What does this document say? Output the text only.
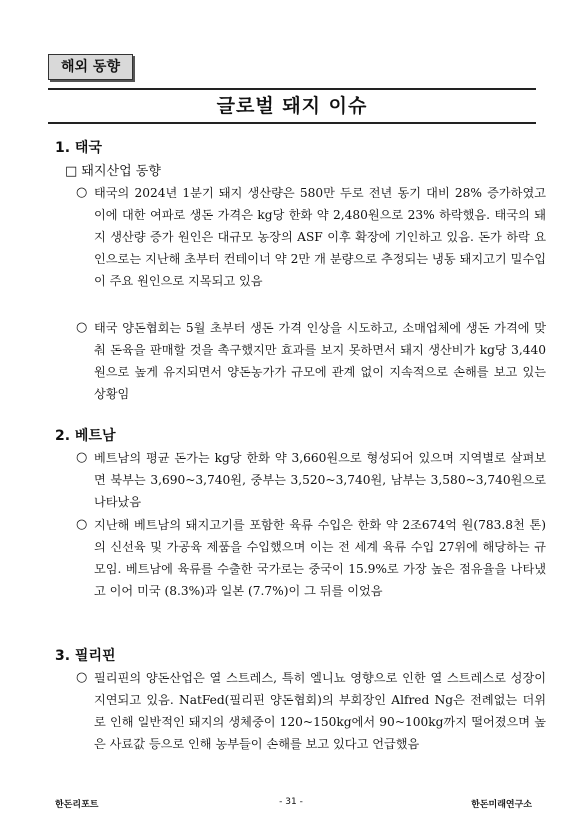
해외 동향
글로벌 돼지 이슈
1. 태국
□ 돼지산업 동향
○ 태국의 2024년 1분기 돼지 생산량은 580만 두로 전년 동기 대비 28% 증가하였고 이에 대한 여파로 생돈 가격은 kg당 한화 약 2,480원으로 23% 하락했음. 태국의 돼지 생산량 증가 원인은 대규모 농장의 ASF 이후 확장에 기인하고 있음. 돈가 하락 요인으로는 지난해 초부터 컨테이너 약 2만 개 분량으로 추정되는 냉동 돼지고기 밀수입이 주요 원인으로 지목되고 있음
○ 태국 양돈협회는 5월 초부터 생돈 가격 인상을 시도하고, 소매업체에 생돈 가격에 맞춰 돈육을 판매할 것을 촉구했지만 효과를 보지 못하면서 돼지 생산비가 kg당 3,440원으로 높게 유지되면서 양돈농가가 규모에 관계 없이 지속적으로 손해를 보고 있는 상황임
2. 베트남
○ 베트남의 평균 돈가는 kg당 한화 약 3,660원으로 형성되어 있으며 지역별로 살펴보면 북부는 3,690~3,740원, 중부는 3,520~3,740원, 남부는 3,580~3,740원으로 나타났음
○ 지난해 베트남의 돼지고기를 포함한 육류 수입은 한화 약 2조674억 원(783.8천 톤)의 신선육 및 가공육 제품을 수입했으며 이는 전 세계 육류 수입 27위에 해당하는 규모임. 베트남에 육류를 수출한 국가로는 중국이 15.9%로 가장 높은 점유율을 나타냈고 이어 미국 (8.3%)과 일본 (7.7%)이 그 뒤를 이었음
3. 필리핀
○ 필리핀의 양돈산업은 열 스트레스, 특히 엘니뇨 영향으로 인한 열 스트레스로 성장이 지연되고 있음. NatFed(필리핀 양돈협회)의 부회장인 Alfred Ng은 전례없는 더위로 인해 일반적인 돼지의 생체중이 120~150kg에서 90~100kg까지 떨어졌으며 높은 사료값 등으로 인해 농부들이 손해를 보고 있다고 언급했음
한돈리포트	- 31 -	한돈미래연구소
